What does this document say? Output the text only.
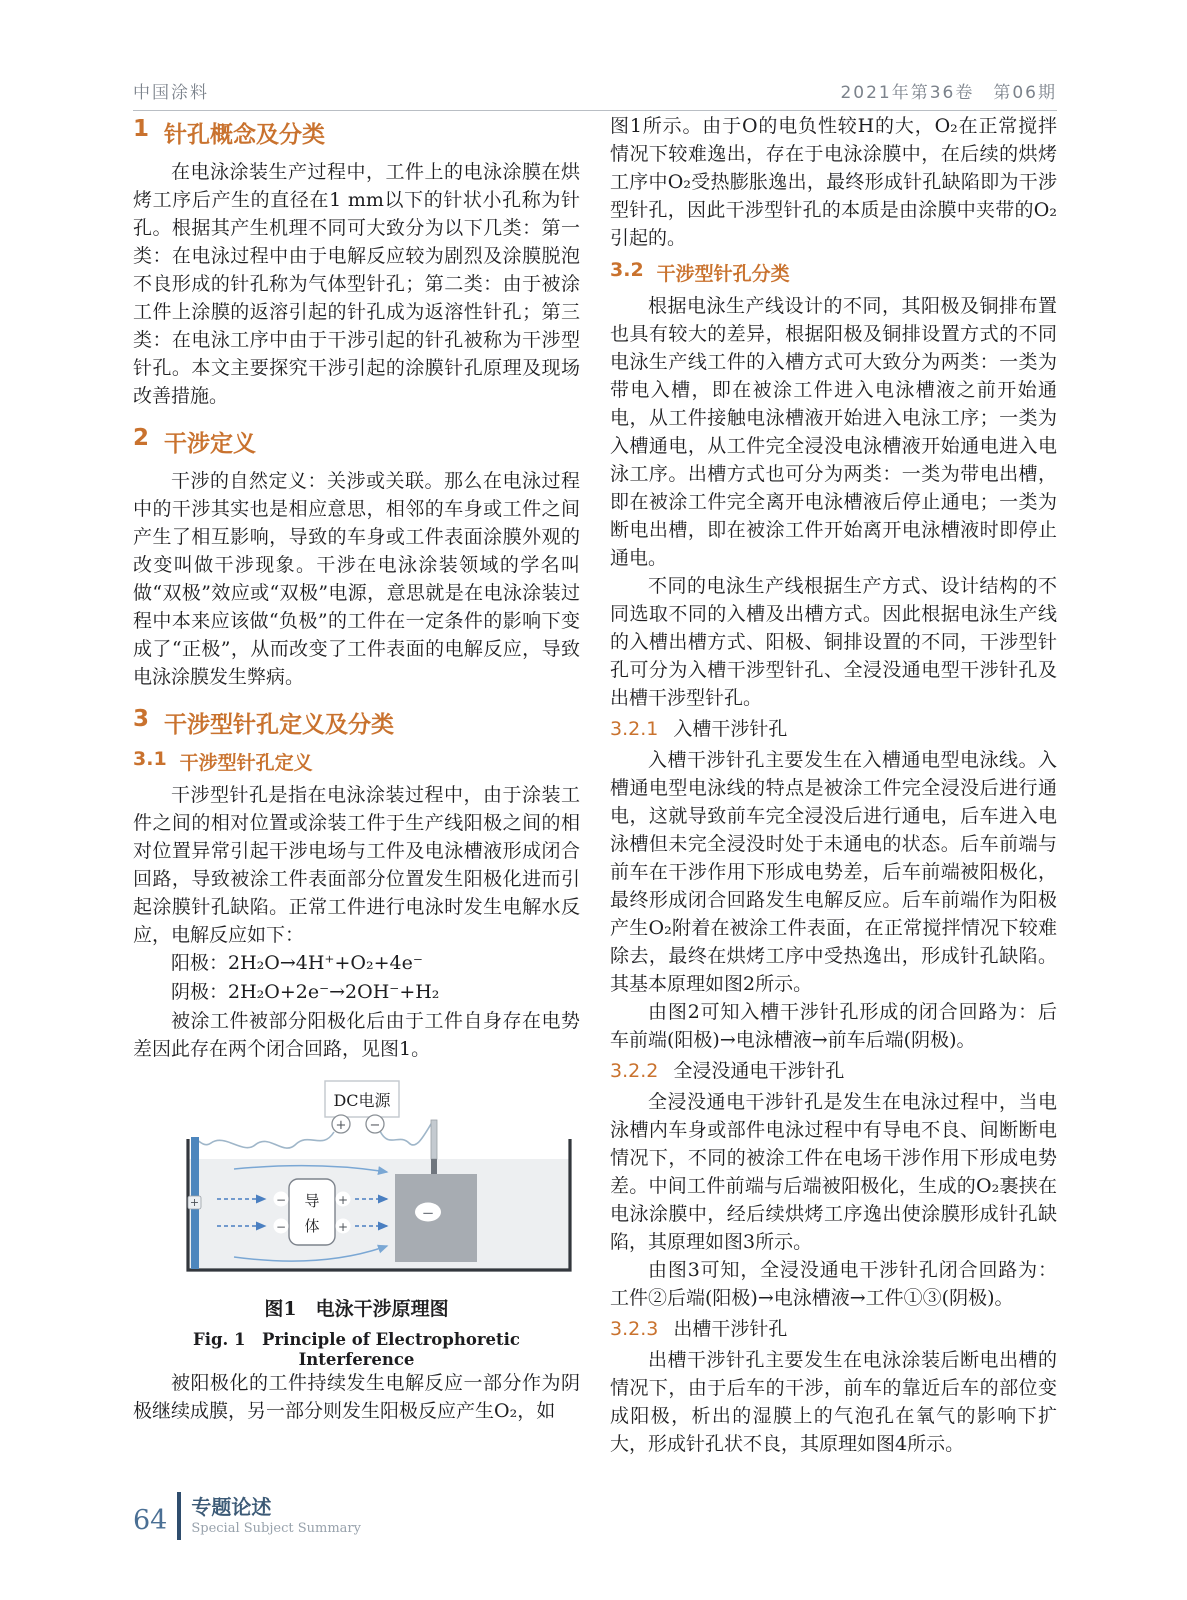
中国涂料	2021年第36卷　第06期
1 针孔概念及分类

在电泳涂装生产过程中，工件上的电泳涂膜在烘烤工序后产生的直径在1 mm以下的针状小孔称为针孔。根据其产生机理不同可大致分为以下几类：第一类：在电泳过程中由于电解反应较为剧烈及涂膜脱泡不良形成的针孔称为气体型针孔；第二类：由于被涂工件上涂膜的返溶引起的针孔成为返溶性针孔；第三类：在电泳工序中由于干涉引起的针孔被称为干涉型针孔。本文主要探究干涉引起的涂膜针孔原理及现场改善措施。

2 干涉定义

干涉的自然定义：关涉或关联。那么在电泳过程中的干涉其实也是相应意思，相邻的车身或工件之间产生了相互影响，导致的车身或工件表面涂膜外观的改变叫做干涉现象。干涉在电泳涂装领域的学名叫做“双极”效应或“双极”电源，意思就是在电泳涂装过程中本来应该做“负极”的工件在一定条件的影响下变成了“正极”，从而改变了工件表面的电解反应，导致电泳涂膜发生弊病。

3 干涉型针孔定义及分类
3.1 干涉型针孔定义

干涉型针孔是指在电泳涂装过程中，由于涂装工件之间的相对位置或涂装工件于生产线阳极之间的相对位置异常引起干涉电场与工件及电泳槽液形成闭合回路，导致被涂工件表面部分位置发生阳极化进而引起涂膜针孔缺陷。正常工件进行电泳时发生电解水反应，电解反应如下：

阳极：2H₂O→4H⁺+O₂+4e⁻

阴极：2H₂O+2e⁻→2OH⁻+H₂

被涂工件被部分阳极化后由于工件自身存在电势差因此存在两个闭合回路，见图1。

DC电源
+ −
+
−
导
体
−
−
+
+
图1　电泳干涉原理图
Fig. 1　Principle of Electrophoretic Interference

被阳极化的工件持续发生电解反应一部分作为阴极继续成膜，另一部分则发生阳极反应产生O₂，如

图1所示。由于O的电负性较H的大，O₂在正常搅拌情况下较难逸出，存在于电泳涂膜中，在后续的烘烤工序中O₂受热膨胀逸出，最终形成针孔缺陷即为干涉型针孔，因此干涉型针孔的本质是由涂膜中夹带的O₂引起的。

3.2 干涉型针孔分类

根据电泳生产线设计的不同，其阳极及铜排布置也具有较大的差异，根据阳极及铜排设置方式的不同电泳生产线工件的入槽方式可大致分为两类：一类为带电入槽，即在被涂工件进入电泳槽液之前开始通电，从工件接触电泳槽液开始进入电泳工序；一类为入槽通电，从工件完全浸没电泳槽液开始通电进入电泳工序。出槽方式也可分为两类：一类为带电出槽，即在被涂工件完全离开电泳槽液后停止通电；一类为断电出槽，即在被涂工件开始离开电泳槽液时即停止通电。

不同的电泳生产线根据生产方式、设计结构的不同选取不同的入槽及出槽方式。因此根据电泳生产线的入槽出槽方式、阳极、铜排设置的不同，干涉型针孔可分为入槽干涉型针孔、全浸没通电型干涉针孔及出槽干涉型针孔。

3.2.1 入槽干涉针孔

入槽干涉针孔主要发生在入槽通电型电泳线。入槽通电型电泳线的特点是被涂工件完全浸没后进行通电，这就导致前车完全浸没后进行通电，后车进入电泳槽但未完全浸没时处于未通电的状态。后车前端与前车在干涉作用下形成电势差，后车前端被阳极化，最终形成闭合回路发生电解反应。后车前端作为阳极产生O₂附着在被涂工件表面，在正常搅拌情况下较难除去，最终在烘烤工序中受热逸出，形成针孔缺陷。其基本原理如图2所示。

由图2可知入槽干涉针孔形成的闭合回路为：后车前端(阳极)→电泳槽液→前车后端(阴极)。

3.2.2 全浸没通电干涉针孔

全浸没通电干涉针孔是发生在电泳过程中，当电泳槽内车身或部件电泳过程中有导电不良、间断断电情况下，不同的被涂工件在电场干涉作用下形成电势差。中间工件前端与后端被阳极化，生成的O₂裹挟在电泳涂膜中，经后续烘烤工序逸出使涂膜形成针孔缺陷，其原理如图3所示。

由图3可知，全浸没通电干涉针孔闭合回路为：工件②后端(阳极)→电泳槽液→工件①③(阴极)。

3.2.3 出槽干涉针孔

出槽干涉针孔主要发生在电泳涂装后断电出槽的情况下，由于后车的干涉，前车的靠近后车的部位变成阳极，析出的湿膜上的气泡孔在氧气的影响下扩大，形成针孔状不良，其原理如图4所示。

64 专题论述
Special Subject Summary
